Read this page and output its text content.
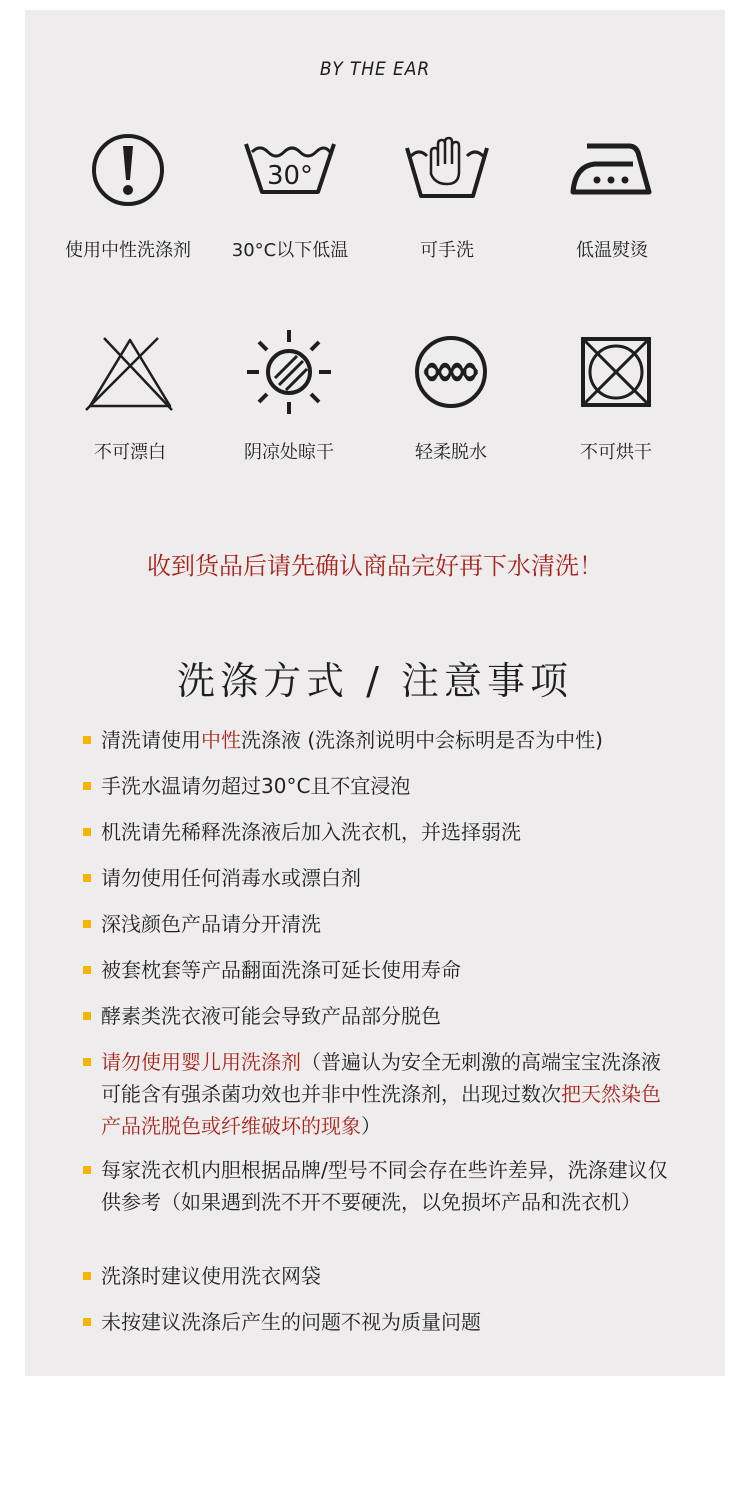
BY THE EAR
使用中性洗涤剂
30°
30°C以下低温	可手洗	低温熨烫
不可漂白	阴凉处晾干	轻柔脱水	不可烘干
收到货品后请先确认商品完好再下水清洗！
洗涤方式 / 注意事项
清洗请使用中性洗涤液 (洗涤剂说明中会标明是否为中性)
手洗水温请勿超过30°C且不宜浸泡
机洗请先稀释洗涤液后加入洗衣机，并选择弱洗
请勿使用任何消毒水或漂白剂
深浅颜色产品请分开清洗
被套枕套等产品翻面洗涤可延长使用寿命
酵素类洗衣液可能会导致产品部分脱色
请勿使用婴儿用洗涤剂（普遍认为安全无刺激的高端宝宝洗涤液可能含有强杀菌功效也并非中性洗涤剂，出现过数次把天然染色产品洗脱色或纤维破坏的现象）
每家洗衣机内胆根据品牌/型号不同会存在些许差异，洗涤建议仅供参考（如果遇到洗不开不要硬洗，以免损坏产品和洗衣机）
洗涤时建议使用洗衣网袋
未按建议洗涤后产生的问题不视为质量问题
